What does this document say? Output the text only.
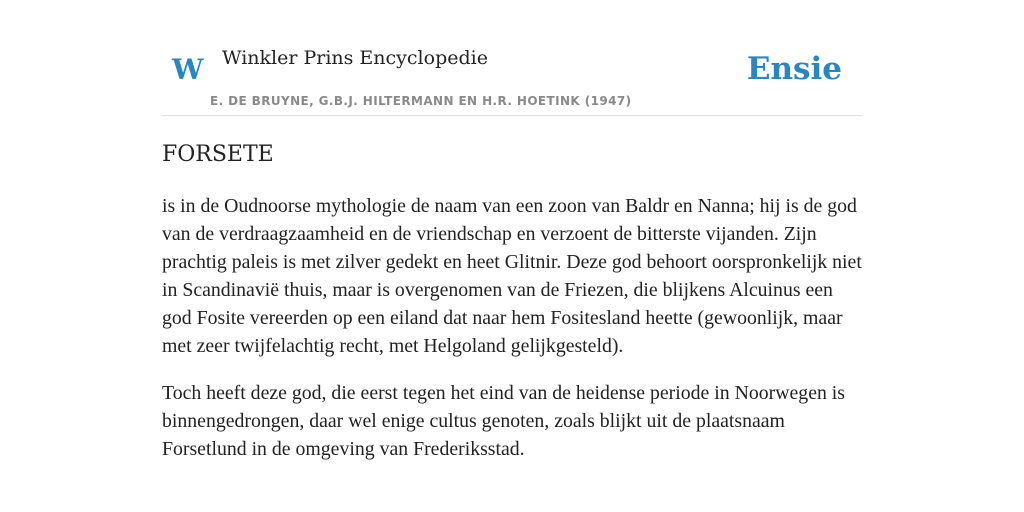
W Winkler Prins Encyclopedie
E. DE BRUYNE, G.B.J. HILTERMANN EN H.R. HOETINK (1947)
Ensie
FORSETE

is in de Oudnoorse mythologie de naam van een zoon van Baldr en Nanna; hij is de god van de verdraagzaamheid en de vriendschap en verzoent de bitterste vijanden. Zijn prachtig paleis is met zilver gedekt en heet Glitnir. Deze god behoort oorspronkelijk niet in Scandinavië thuis, maar is overgenomen van de Friezen, die blijkens Alcuinus een god Fosite vereerden op een eiland dat naar hem Fositesland heette (gewoonlijk, maar met zeer twijfelachtig recht, met Helgoland gelijkgesteld).

Toch heeft deze god, die eerst tegen het eind van de heidense periode in Noorwegen is binnengedrongen, daar wel enige cultus genoten, zoals blijkt uit de plaatsnaam Forsetlund in de omgeving van Frederiksstad.
